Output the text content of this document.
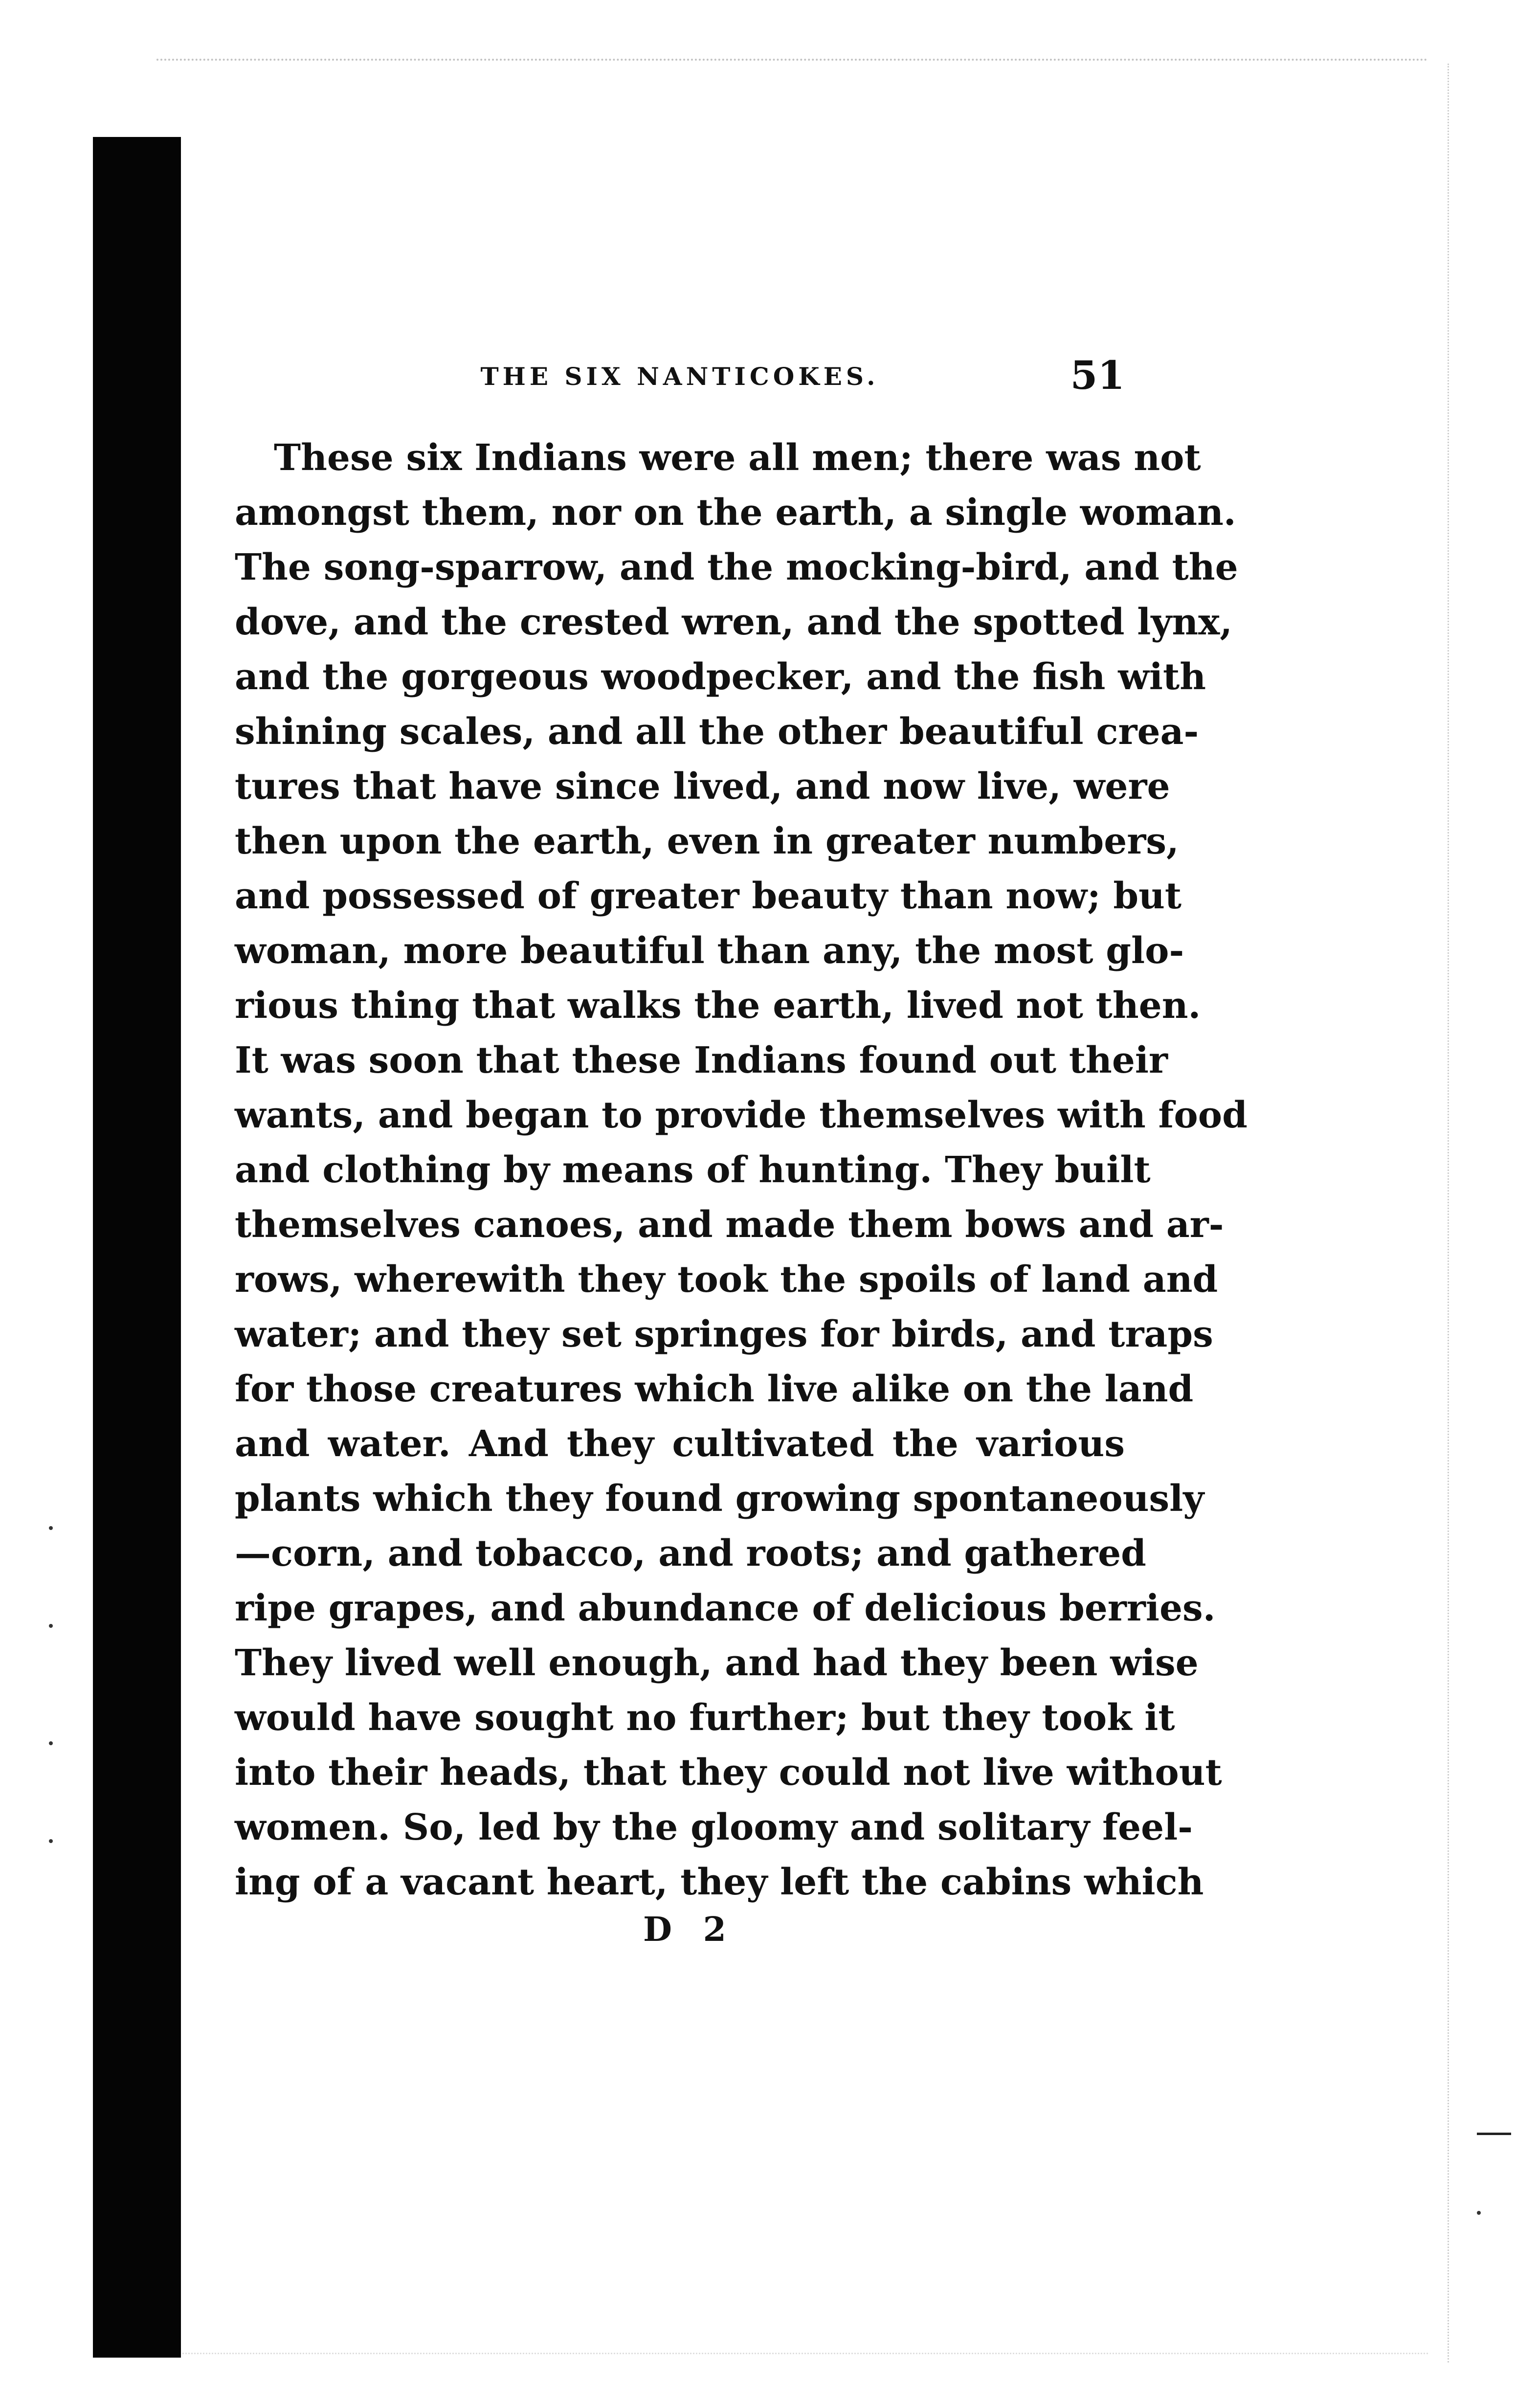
THE SIX NANTICOKES.	51
These six Indians were all men; there was not
amongst them, nor on the earth, a single woman.
The song-sparrow, and the mocking-bird, and the
dove, and the crested wren, and the spotted lynx,
and the gorgeous woodpecker, and the fish with
shining scales, and all the other beautiful crea-
tures that have since lived, and now live, were
then upon the earth, even in greater numbers,
and possessed of greater beauty than now; but
woman, more beautiful than any, the most glo-
rious thing that walks the earth, lived not then.
It was soon that these Indians found out their
wants, and began to provide themselves with food
and clothing by means of hunting. They built
themselves canoes, and made them bows and ar-
rows, wherewith they took the spoils of land and
water; and they set springes for birds, and traps
for those creatures which live alike on the land
and water. And they cultivated the various
plants which they found growing spontaneously
—corn, and tobacco, and roots; and gathered
ripe grapes, and abundance of delicious berries.
They lived well enough, and had they been wise
would have sought no further; but they took it
into their heads, that they could not live without
women. So, led by the gloomy and solitary feel-
ing of a vacant heart, they left the cabins which
D 2
